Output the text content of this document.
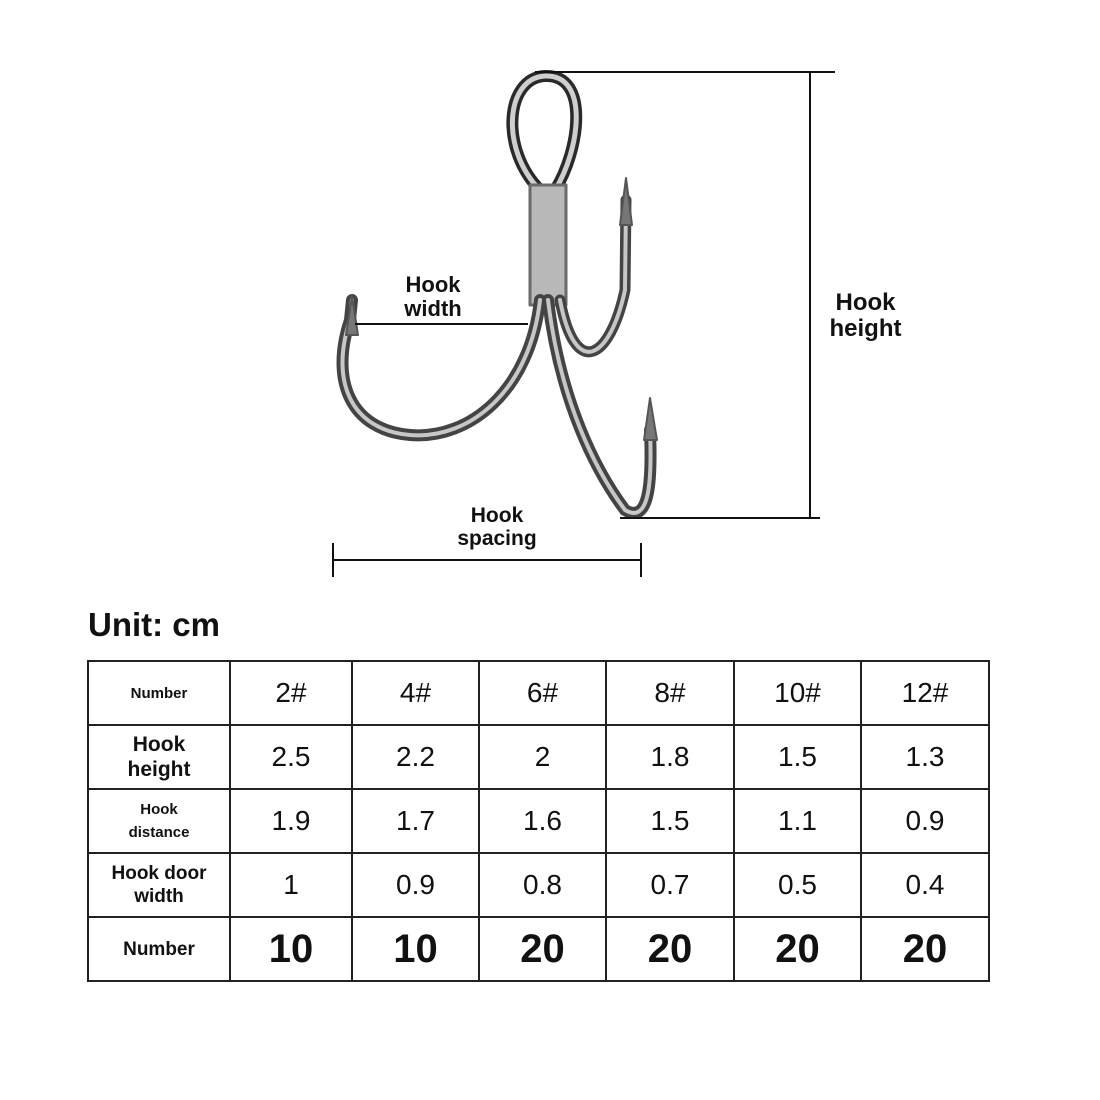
Hook
width	Hook
height
Hook
spacing
Unit: cm
Number	2#	4#	6#	8#	10#	12#
Hook
height	2.5	2.2	2	1.8	1.5	1.3
Hook
distance	1.9	1.7	1.6	1.5	1.1	0.9
Hook door
width	1	0.9	0.8	0.7	0.5	0.4
Number	10	10	20	20	20	20
